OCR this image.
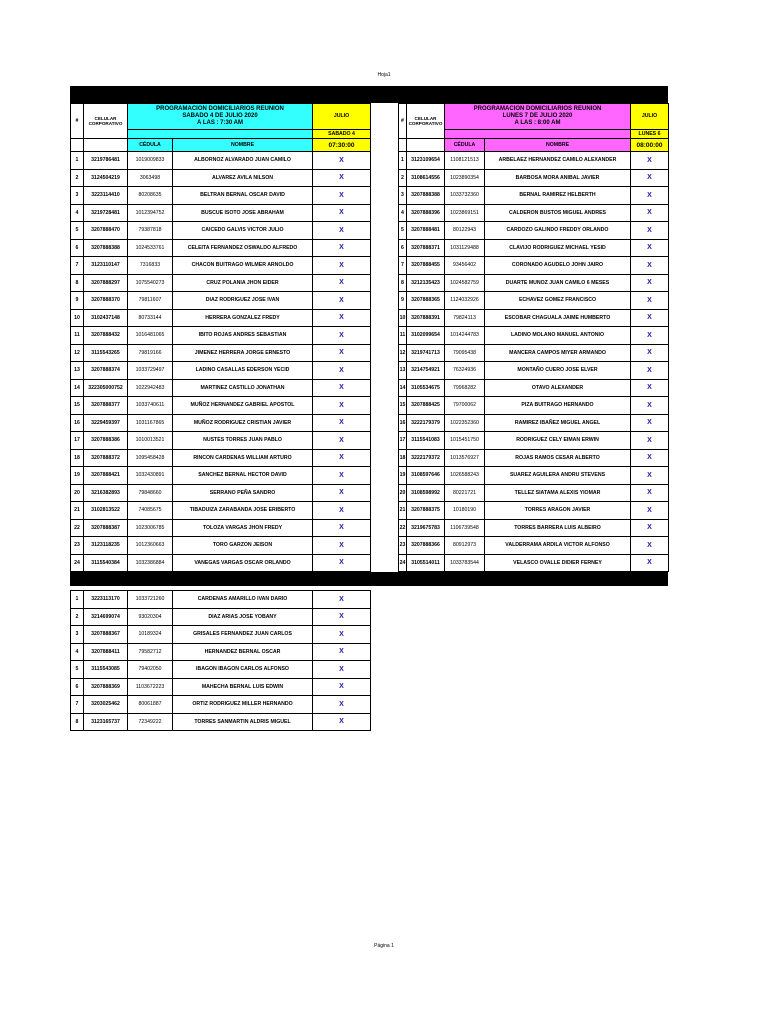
Hoja1
#	CELULAR CORPORATIVO	PROGRAMACION DOMICILIARIOS REUNION
SABADO 4 DE JULIO 2020
A LAS : 7:30 AM		JULIO
				SABADO 4
		CÉDULA	NOMBRE	07:30:00
1	3219786481	1019009833	ALBORNOZ ALVARADO JUAN CAMILO	X
2	3124504219	3063498	ALVAREZ AVILA NILSON	X
3	3223114410	80208635	BELTRAN BERNAL OSCAR DAVID	X
4	3219728481	1012394752	BUSCUE ISOTO JOSE ABRAHAM	X
5	3207888470	79387818	CAICEDO GALVIS VICTOR JULIO	X
6	3207888388	1024533761	CELEITA FERNANDEZ OSWALDO ALFREDO	X
7	3123110147	7316833	CHACON BUITRAGO WILMER ARNOLDO	X
8	3207888297	1075540273	CRUZ POLANIA JHON EIDER	X
9	3207888370	79811607	DIAZ RODRIGUEZ JOSE IVAN	X
10	3102437148	80733144	HERRERA GONZALEZ FREDY	X
11	3207888432	1016481065	IBITO ROJAS ANDRES SEBASTIAN	X
12	3115543265	79819166	JIMENEZ HERRERA JORGE ERNESTO	X
13	3207888374	1033729497	LADINO CASALLAS EDERSON YECID	X
14	322305000752	1022942483	MARTINEZ CASTILLO JONATHAN	X
15	3207888377	1033740611	MUÑOZ HERNANDEZ GABRIEL APOSTOL	X
16	3229459397	1031167865	MUÑOZ RODRIGUEZ CRISTIAN JAVIER	X
17	3207888386	1010013521	NUSTES TORRES JUAN PABLO	X
18	3207888372	1095458428	RINCON CARDENAS WILLIAM ARTURO	X
19	3207888421	1032430891	SANCHEZ BERNAL HECTOR DAVID	X
20	3216382893	79848660	SERRANO PEÑA SANDRO	X
21	3102813522	74085675	TIBADUIZA ZARABANDA JOSE ERIBERTO	X
22	3207888387	1023006785	TOLOZA VARGAS JHON FREDY	X
23	3123118235	1012360663	TORO GARZON JEISON	X
24	3115540384	1032386884	VANEGAS VARGAS OSCAR ORLANDO	X
#	CELULAR CORPORATIVO	PROGRAMACION DOMICILIARIOS REUNION
LUNES 7 DE JULIO 2020
A LAS : 8:00 AM		JULIO
				LUNES 6
		CÉDULA	NOMBRE	08:00:00
1	3123109654	1108121513	ARBELAEZ HERNANDEZ CAMILO ALEXANDER	X
2	3108614556	1023890354	BARBOSA MORA ANIBAL JAVIER	X
3	3207888388	1033732360	BERNAL RAMIREZ HELBERTH	X
4	3207888396	1023869151	CALDERON BUSTOS MIGUEL ANDRES	X
5	3207888481	80122943	CARDOZO GALINDO FREDDY ORLANDO	X
6	3207888371	1031129488	CLAVIJO RODRIGUEZ MICHAEL YESID	X
7	3207888455	93456402	CORONADO AGUDELO JOHN JAIRO	X
8	3212135423	1024582759	DUARTE MUNOZ JUAN CAMILO 6 MESES	X
9	3207888365	1124032926	ECHAVEZ GOMEZ FRANCISCO	X
10	3207888391	79824113	ESCOBAR CHAGUALA JAIME HUMBERTO	X
11	3102099654	1014244783	LADINO MOLANO MANUEL ANTONIO	X
12	3219741713	79095438	MANCERA CAMPOS MIYER ARMANDO	X
13	3214754921	76324936	MONTAÑO CUERO JOSE ELVER	X
14	3105534675	79968282	OTAVO ALEXANDER	X
15	3207888425	79700062	PIZA BUITRAGO HERNANDO	X
16	3222179379	1022352360	RAMIREZ IBAÑEZ MIGUEL ANGEL	X
17	3115541083	1015451750	RODRIGUEZ CELY EIMAN ERWIN	X
18	3222179372	1013576927	ROJAS RAMOS CESAR ALBERTO	X
19	3108597646	1026588243	SUAREZ AGUILERA ANDRU STEVENS	X
20	3108598992	80221721	TELLEZ SIATAMA ALEXIS YIOMAR	X
21	3207888375	10180190	TORRES ARAGON JAVIER	X
22	3219675783	1106739548	TORRES BARRERA LUIS ALBEIRO	X
23	3207888366	80912973	VALDERRAMA ARDILA VICTOR ALFONSO	X
24	3105514011	1033783544	VELASCO OVALLE DIDIER FERNEY	X
1	3223113170	1033721260	CARDENAS AMARILLO IVAN DARIO	X
2	3214699074	93020304	DIAZ ARIAS JOSE YOBANY	X
3	3207888367	10189324	GRISALES FERNANDEZ JUAN CARLOS	X
4	3207888411	79582712	HERNANDEZ BERNAL OSCAR	X
5	3115543085	79402050	IBAGON IBAGON CARLOS ALFONSO	X
6	3207888369	1103672223	MAHECHA BERNAL LUIS EDWIN	X
7	3203025462	80061887	ORTIZ RODRIGUEZ MILLER HERNANDO	X
8	3123165737	72349222	TORRES SANMARTIN ALDRIS MIGUEL	X
Página 1
